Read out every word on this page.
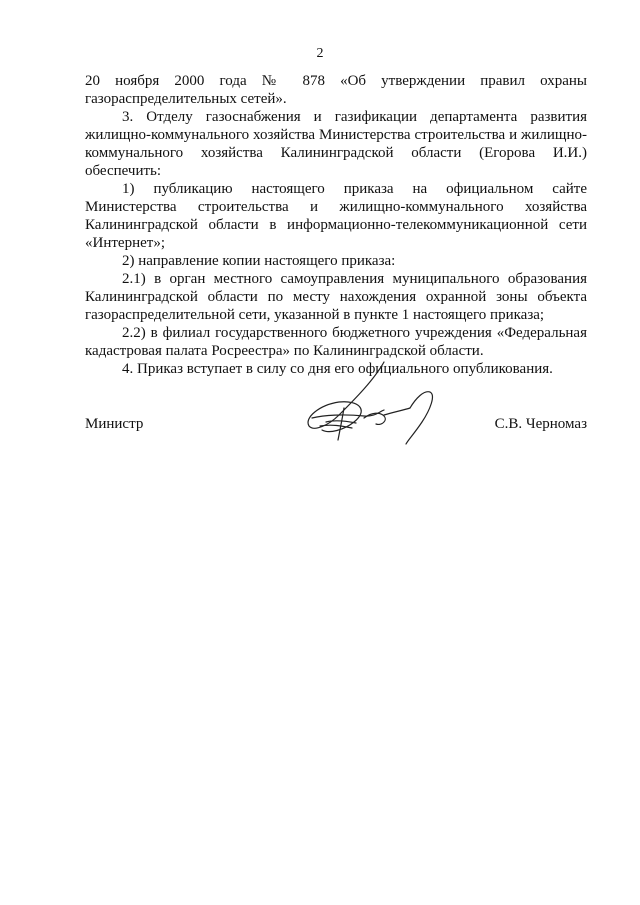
2

20 ноября 2000 года № 878 «Об утверждении правил охраны

газораспределительных сетей».

3. Отделу газоснабжения и газификации департамента развития

жилищно-коммунального хозяйства Министерства строительства и жилищно-

коммунального хозяйства Калининградской области (Егорова И.И.)

обеспечить:

1) публикацию настоящего приказа на официальном сайте

Министерства строительства и жилищно-коммунального хозяйства

Калининградской области в информационно-телекоммуникационной сети

«Интернет»;

2) направление копии настоящего приказа:

2.1) в орган местного самоуправления муниципального образования

Калининградской области по месту нахождения охранной зоны объекта

газораспределительной сети, указанной в пункте 1 настоящего приказа;

2.2) в филиал государственного бюджетного учреждения «Федеральная

кадастровая палата Росреестра» по Калининградской области.

4. Приказ вступает в силу со дня его официального опубликования.

Министр	С.В. Черномаз
